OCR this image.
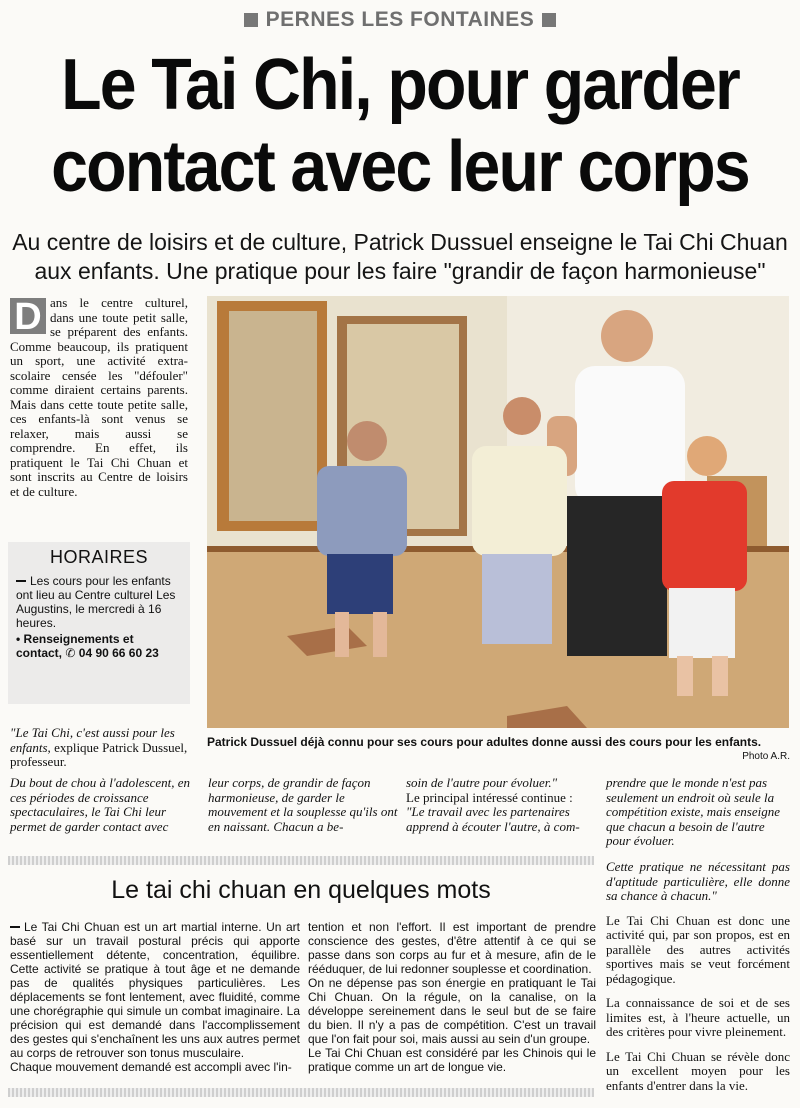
PERNES LES FONTAINES
Le Tai Chi, pour garder
contact avec leur corps
Au centre de loisirs et de culture, Patrick Dussuel enseigne le Tai Chi Chuan
aux enfants. Une pratique pour les faire "grandir de façon harmonieuse"
D ans le centre culturel, dans une toute petit salle, se préparent des enfants. Comme beaucoup, ils pratiquent un sport, une activité extra-scolaire censée les "défouler" comme diraient certains parents. Mais dans cette toute petite salle, ces enfants-là sont venus se relaxer, mais aussi se comprendre. En effet, ils pratiquent le Tai Chi Chuan et sont inscrits au Centre de loisirs et de culture.
HORAIRES
Les cours pour les enfants ont lieu au Centre culturel Les Augustins, le mercredi à 16 heures.
• Renseignements et contact, ✆ 04 90 66 60 23
"Le Tai Chi, c'est aussi pour les enfants, explique Patrick Dussuel, professeur.
Patrick Dussuel déjà connu pour ses cours pour adultes donne aussi des cours pour les enfants.
Photo A.R.
Du bout de chou à l'adolescent, en ces périodes de croissance spectaculaires, le Tai Chi leur permet de garder contact avec
leur corps, de grandir de façon harmonieuse, de garder le mouvement et la souplesse qu'ils ont en naissant. Chacun a be-
soin de l'autre pour évoluer."
Le principal intéressé continue :
"Le travail avec les partenaires apprend à écouter l'autre, à com-
prendre que le monde n'est pas seulement un endroit où seule la compétition existe, mais enseigne que chacun a besoin de l'autre pour évoluer.

Cette pratique ne nécessitant pas d'aptitude particulière, elle donne sa chance à chacun."

Le Tai Chi Chuan est donc une activité qui, par son propos, est en parallèle des autres activités sportives mais se veut forcément pédagogique.

La connaissance de soi et de ses limites est, à l'heure actuelle, un des critères pour vivre pleinement.

Le Tai Chi Chuan se révèle donc un excellent moyen pour les enfants d'entrer dans la vie.

Le tai chi chuan en quelques mots
Le Tai Chi Chuan est un art martial interne. Un art basé sur un travail postural précis qui apporte essentiellement détente, concentration, équilibre. Cette activité se pratique à tout âge et ne demande pas de qualités physiques particulières. Les déplacements se font lentement, avec fluidité, comme une chorégraphie qui simule un combat imaginaire. La précision qui est demandé dans l'accomplissement des gestes qui s'enchaînent les uns aux autres permet au corps de retrouver son tonus musculaire.
Chaque mouvement demandé est accompli avec l'in-
tention et non l'effort. Il est important de prendre conscience des gestes, d'être attentif à ce qui se passe dans son corps au fur et à mesure, afin de le rééduquer, de lui redonner souplesse et coordination.
On ne dépense pas son énergie en pratiquant le Tai Chi Chuan. On la régule, on la canalise, on la développe sereinement dans le seul but de se faire du bien. Il n'y a pas de compétition. C'est un travail que l'on fait pour soi, mais aussi au sein d'un groupe.
Le Tai Chi Chuan est considéré par les Chinois qui le pratique comme un art de longue vie.
